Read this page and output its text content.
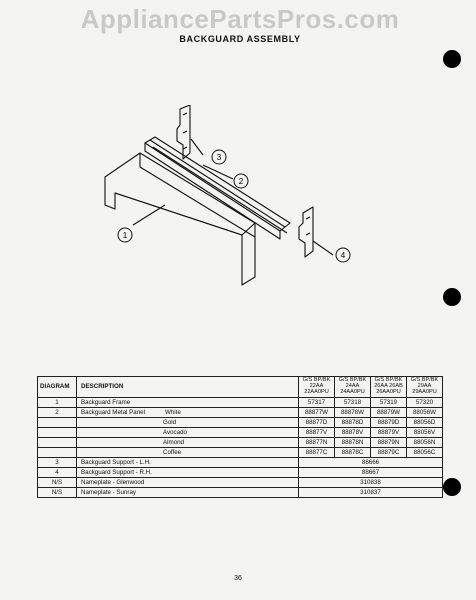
AppliancePartsPros.com
BACKGUARD ASSEMBLY
1
2
3
4
DIAGRAM	DESCRIPTION	G/S BP/BK 22AA 22AA0PU	G/S BP/BK 24AA 24AA0PU	G/S BP/BK 26AA 26AB 26AA0PU	G/S BP/BK 29AA 29AA0PU
1	Backguard Frame	57317	57318	57319	57320
2	Backguard Metal Panel White	88877W	88878W	88879W	88056W
	Gold	88877D	88878D	88879D	88056D
	Avocado	88877V	88878V	88879V	88056V
	Almond	88877N	88878N	88879N	88056N
	Coffee	88877C	88878C	88879C	88056C
3	Backguard Support - L.H.	88666			
4	Backguard Support - R.H.	88667			
N/S	Nameplate - Glenwood	310838			
N/S	Nameplate - Sunray	310837			
36
